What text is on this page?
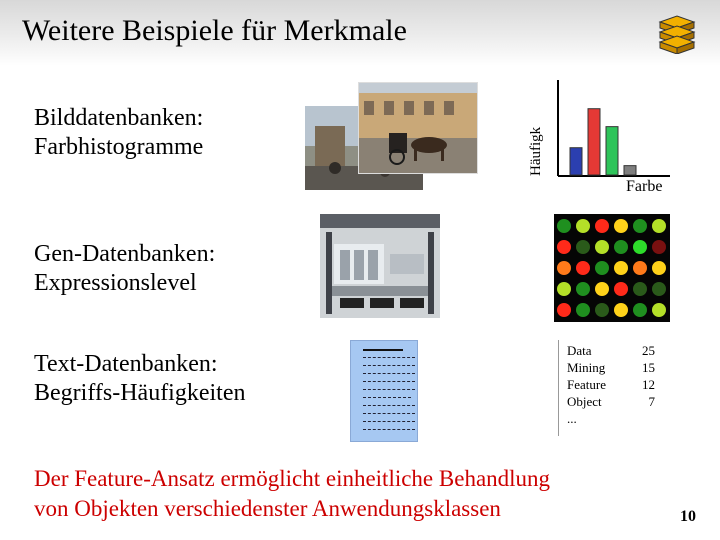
Weitere Beispiele für Merkmale
Bilddatenbanken:
Farbhistogramme
Gen-Datenbanken:
Expressionslevel
Text-Datenbanken:
Begriffs-Häufigkeiten
Häufigk
Farbe
Data	25
Mining	15
Feature	12
Object	7
...
Der Feature-Ansatz ermöglicht einheitliche Behandlung
von Objekten verschiedenster Anwendungsklassen	10
